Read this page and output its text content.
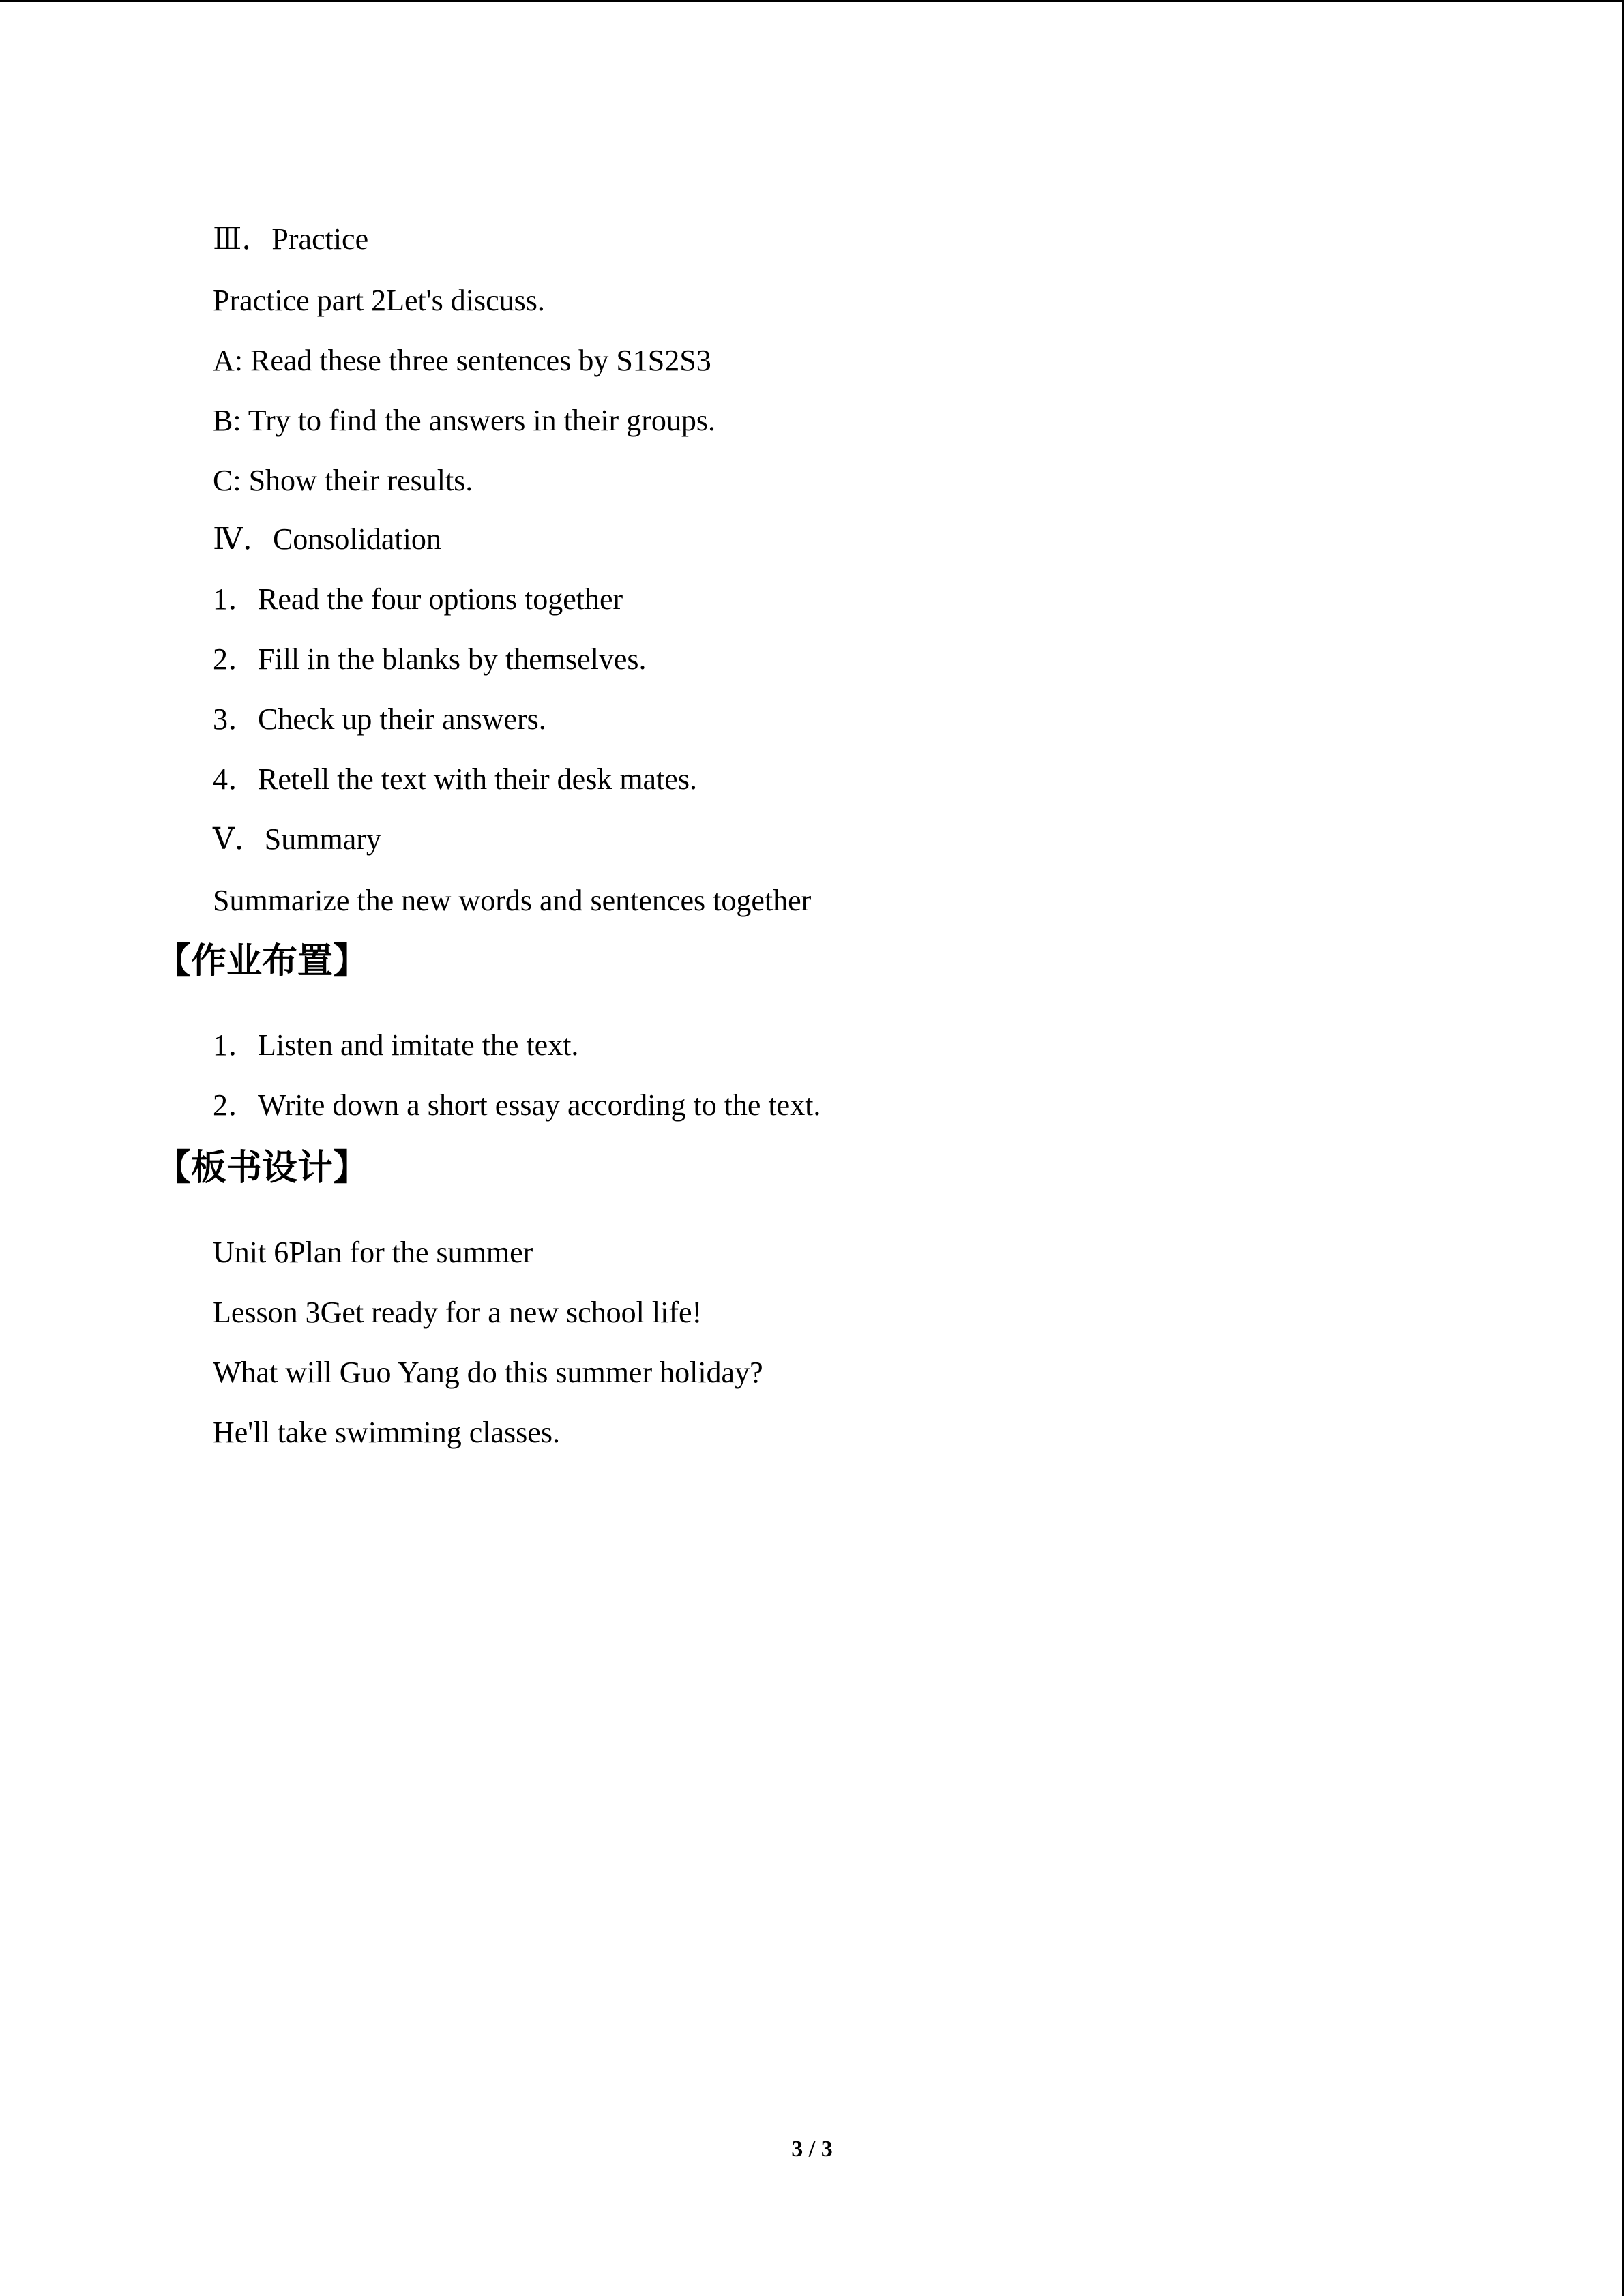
Ⅲ．Practice
Practice part 2Let's discuss.
A: Read these three sentences by S1S2S3
B: Try to find the answers in their groups.
C: Show their results.
Ⅳ．Consolidation
1．Read the four options together
2．Fill in the blanks by themselves.
3．Check up their answers.
4．Retell the text with their desk mates.
Ⅴ．Summary
Summarize the new words and sentences together
【作业布置】
1．Listen and imitate the text.
2．Write down a short essay according to the text.
【板书设计】
Unit 6Plan for the summer
Lesson 3Get ready for a new school life!
What will Guo Yang do this summer holiday?
He'll take swimming classes.
3 / 3
